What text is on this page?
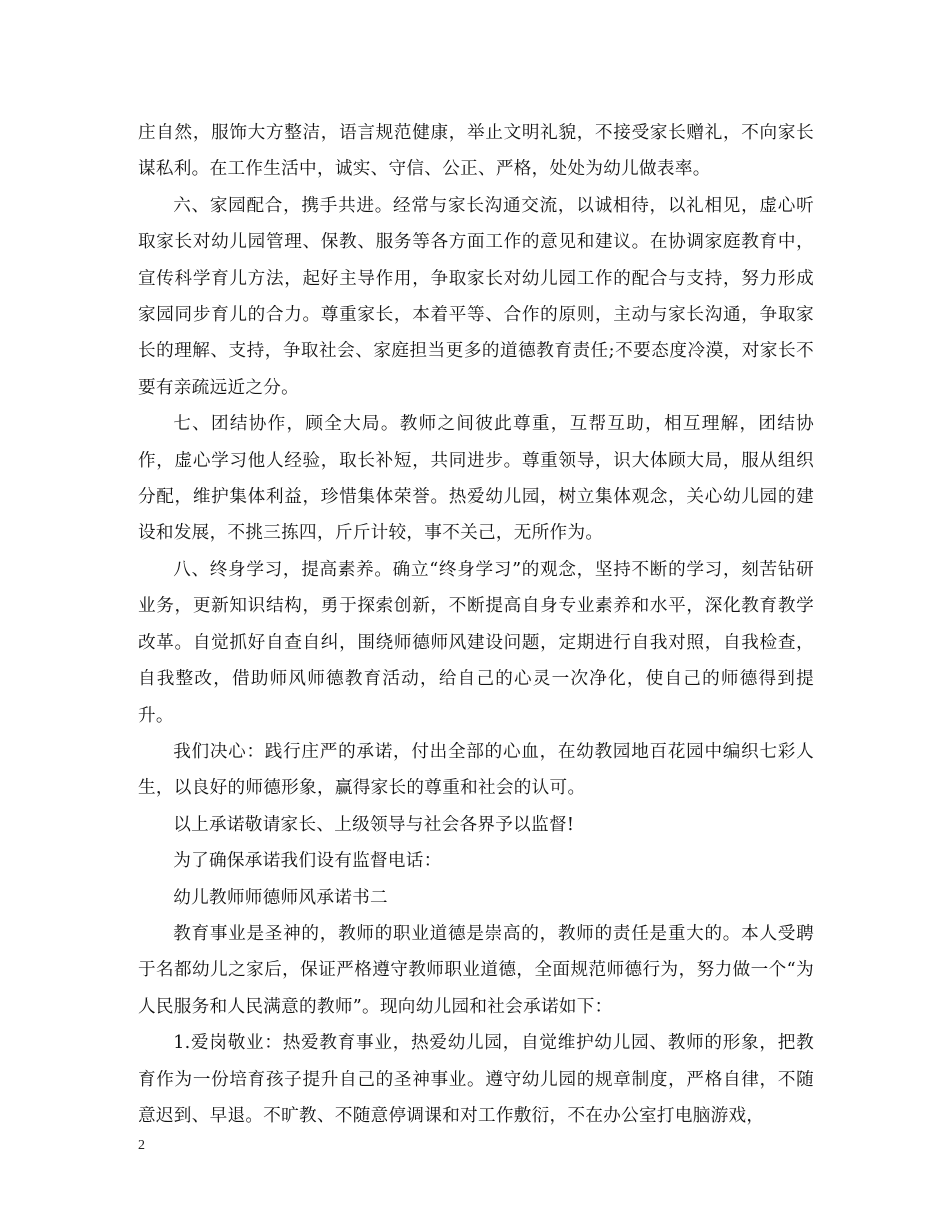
庄自然，服饰大方整洁，语言规范健康，举止文明礼貌，不接受家长赠礼，不向家长谋私利。在工作生活中，诚实、守信、公正、严格，处处为幼儿做表率。

六、家园配合，携手共进。经常与家长沟通交流，以诚相待，以礼相见，虚心听取家长对幼儿园管理、保教、服务等各方面工作的意见和建议。在协调家庭教育中，宣传科学育儿方法，起好主导作用，争取家长对幼儿园工作的配合与支持，努力形成家园同步育儿的合力。尊重家长，本着平等、合作的原则，主动与家长沟通，争取家长的理解、支持，争取社会、家庭担当更多的道德教育责任;不要态度冷漠，对家长不要有亲疏远近之分。

七、团结协作，顾全大局。教师之间彼此尊重，互帮互助，相互理解，团结协作，虚心学习他人经验，取长补短，共同进步。尊重领导，识大体顾大局，服从组织分配，维护集体利益，珍惜集体荣誉。热爱幼儿园，树立集体观念，关心幼儿园的建设和发展，不挑三拣四，斤斤计较，事不关己，无所作为。

八、终身学习，提高素养。确立“终身学习”的观念，坚持不断的学习，刻苦钻研业务，更新知识结构，勇于探索创新，不断提高自身专业素养和水平，深化教育教学改革。自觉抓好自查自纠，围绕师德师风建设问题，定期进行自我对照，自我检查，自我整改，借助师风师德教育活动，给自己的心灵一次净化，使自己的师德得到提升。

我们决心：践行庄严的承诺，付出全部的心血，在幼教园地百花园中编织七彩人生，以良好的师德形象，赢得家长的尊重和社会的认可。

以上承诺敬请家长、上级领导与社会各界予以监督!

为了确保承诺我们设有监督电话：

幼儿教师师德师风承诺书二

教育事业是圣神的，教师的职业道德是崇高的，教师的责任是重大的。本人受聘于名都幼儿之家后，保证严格遵守教师职业道德，全面规范师德行为，努力做一个“为人民服务和人民满意的教师”。现向幼儿园和社会承诺如下：

1.爱岗敬业：热爱教育事业，热爱幼儿园，自觉维护幼儿园、教师的形象，把教育作为一份培育孩子提升自己的圣神事业。遵守幼儿园的规章制度，严格自律，不随意迟到、早退。不旷教、不随意停调课和对工作敷衍，不在办公室打电脑游戏，

2
